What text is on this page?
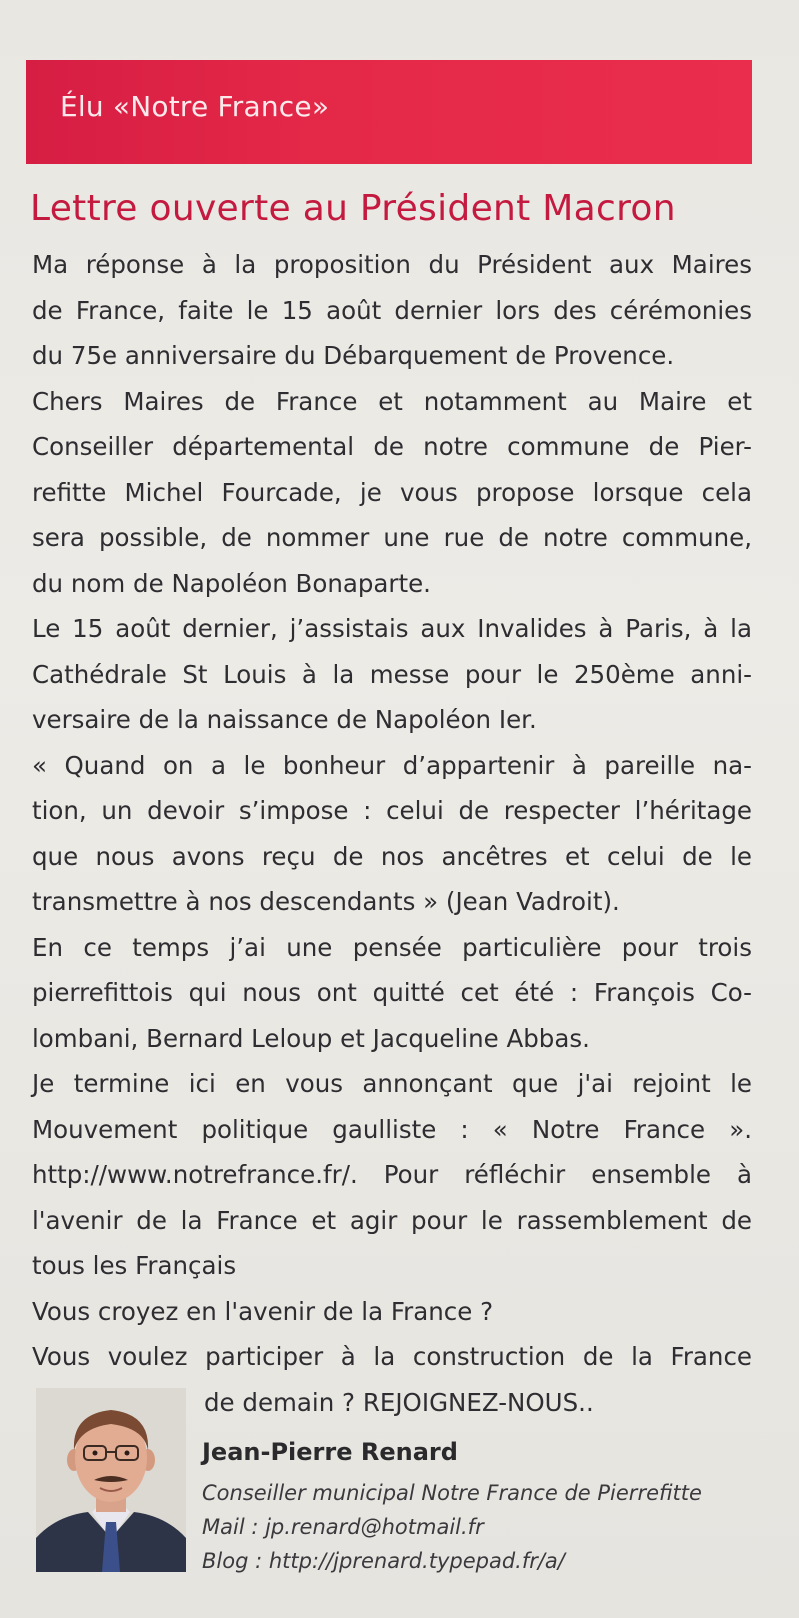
Élu «Notre France»
Lettre ouverte au Président Macron
Ma réponse à la proposition du Président aux Maires
de France, faite le 15 août dernier lors des cérémonies
du 75e anniversaire du Débarquement de Provence.
Chers Maires de France et notamment au Maire et
Conseiller départemental de notre commune de Pier-
refitte Michel Fourcade, je vous propose lorsque cela
sera possible, de nommer une rue de notre commune,
du nom de Napoléon Bonaparte.
Le 15 août dernier, j’assistais aux Invalides à Paris, à la
Cathédrale St Louis à la messe pour le 250ème anni-
versaire de la naissance de Napoléon Ier.
« Quand on a le bonheur d’appartenir à pareille na-
tion, un devoir s’impose : celui de respecter l’héritage
que nous avons reçu de nos ancêtres et celui de le
transmettre à nos descendants » (Jean Vadroit).
En ce temps j’ai une pensée particulière pour trois
pierrefittois qui nous ont quitté cet été : François Co-
lombani, Bernard Leloup et Jacqueline Abbas.
Je termine ici en vous annonçant que j'ai rejoint le
Mouvement politique gaulliste : « Notre France ».
http://www.notrefrance.fr/. Pour réfléchir ensemble à
l'avenir de la France et agir pour le rassemblement de
tous les Français
Vous croyez en l'avenir de la France ?
Vous voulez participer à la construction de la France
de demain ? REJOIGNEZ-NOUS..
Jean-Pierre Renard
Conseiller municipal Notre France de Pierrefitte
Mail : jp.renard@hotmail.fr
Blog : http://jprenard.typepad.fr/a/
